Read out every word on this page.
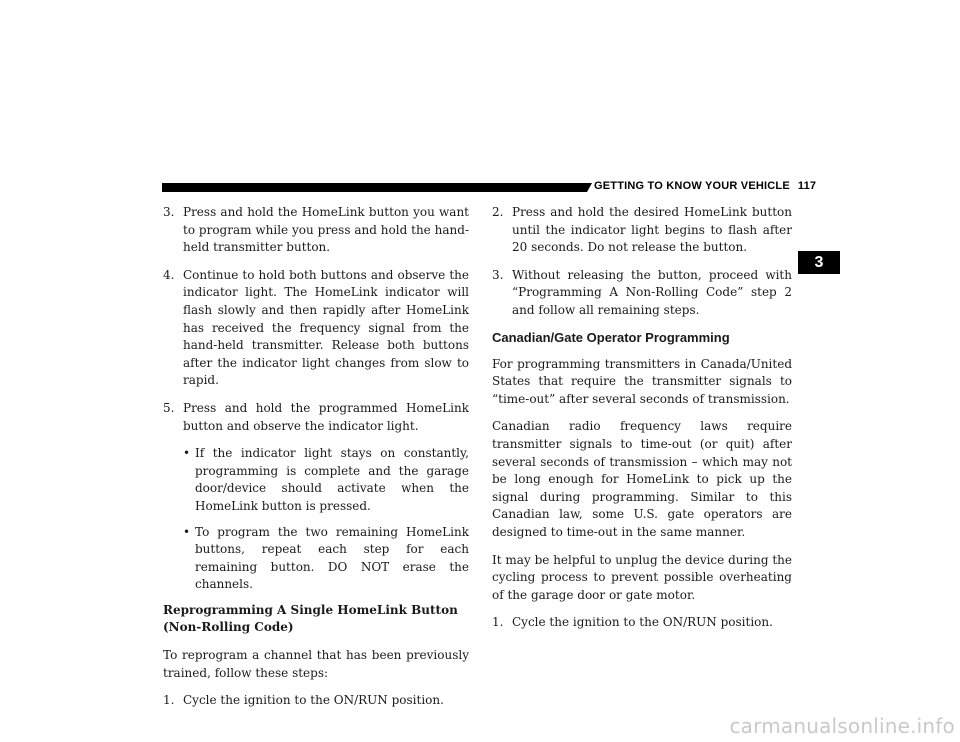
GETTING TO KNOW YOUR VEHICLE 117
3

3. Press and hold the HomeLink button you want to program while you press and hold the hand-held transmitter button.

4. Continue to hold both buttons and observe the indicator light. The HomeLink indicator will flash slowly and then rapidly after HomeLink has received the frequency signal from the hand-held transmitter. Release both buttons after the indicator light changes from slow to rapid.

5. Press and hold the programmed HomeLink button and observe the indicator light.

• If the indicator light stays on constantly, programming is complete and the garage door/device should activate when the HomeLink button is pressed.

• To program the two remaining HomeLink buttons, repeat each step for each remaining button. DO NOT erase the channels.

Reprogramming A Single HomeLink Button (Non-Rolling Code)

To reprogram a channel that has been previously trained, follow these steps:

1. Cycle the ignition to the ON/RUN position.

2. Press and hold the desired HomeLink button until the indicator light begins to flash after 20 seconds. Do not release the button.

3. Without releasing the button, proceed with “Programming A Non-Rolling Code” step 2 and follow all remaining steps.

Canadian/Gate Operator Programming

For programming transmitters in Canada/United States that require the transmitter signals to “time-out” after several seconds of transmission.

Canadian radio frequency laws require transmitter signals to time-out (or quit) after several seconds of transmission – which may not be long enough for HomeLink to pick up the signal during programming. Similar to this Canadian law, some U.S. gate operators are designed to time-out in the same manner.

It may be helpful to unplug the device during the cycling process to prevent possible overheating of the garage door or gate motor.

1. Cycle the ignition to the ON/RUN position.

carmanualsonline.info
